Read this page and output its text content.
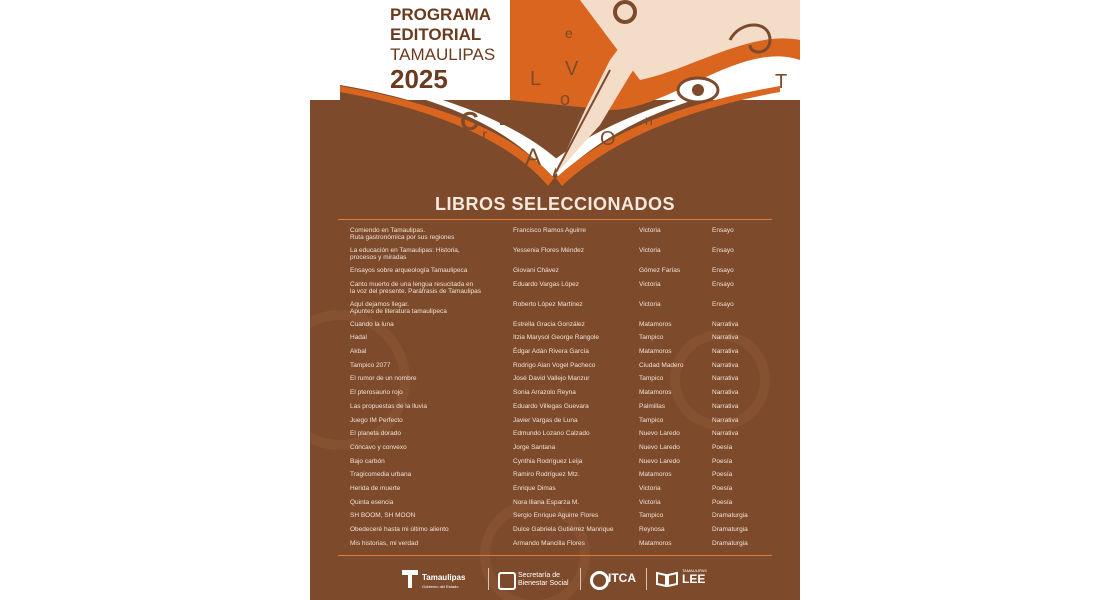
C r
D s
A
o
V
L
e
O
n
T
PROGRAMA
EDITORIAL
TAMAULIPAS
2025
LIBROS SELECCIONADOS
Comiendo en Tamaulipas.
Ruta gastronómica por sus regiones
Francisco Ramos Aguirre	Victoria	Ensayo
La educación en Tamaulipas: Historia,
procesos y miradas
Yessenia Flores Méndez	Victoria	Ensayo
Ensayos sobre arqueología Tamaulipeca	Giovani Chávez	Gómez Farías	Ensayo
Canto muerto de una lengua resucitada en
la voz del presente. Paráfrasis de Tamaulipas
Eduardo Vargas López	Victoria	Ensayo
Aquí dejamos llegar.
Apuntes de literatura tamaulipeca
Roberto López Martínez	Victoria	Ensayo
Cuando la luna	Estrella Gracia González	Matamoros	Narrativa
Hadal	Itzia Marysol George Rangole	Tampico	Narrativa
Akbal	Édgar Adán Rivera García	Matamoros	Narrativa
Tampico 2077	Rodrigo Alan Vogel Pacheco	Ciudad Madero	Narrativa
El rumor de un nombre	José David Vallejo Manzur	Tampico	Narrativa
El pterosaurio rojo	Sonia Arrazolo Reyna	Matamoros	Narrativa
Las propuestas de la lluvia	Eduardo Villegas Guevara	Palmillas	Narrativa
Juego IM Perfecto	Javier Vargas de Luna	Tampico	Narrativa
El planeta dorado	Edmundo Lozano Calzado	Nuevo Laredo	Narrativa
Cóncavo y convexo	Jorge Santana	Nuevo Laredo	Poesía
Bajo carbón	Cynthia Rodríguez Leija	Nuevo Laredo	Poesía
Tragicomedia urbana	Ramiro Rodríguez Mtz.	Matamoros	Poesía
Herida de muerte	Enrique Dimas	Victoria	Poesía
Quinta esencia	Nora Iliana Esparza M.	Victoria	Poesía
SH BOOM, SH MOON	Sergio Enrique Aguirre Flores	Tampico	Dramaturgia
Obedeceré hasta mi último aliento	Dulce Gabriela Gutiérrez Manrique	Reynosa	Dramaturgia
Mis historias, mi verdad	Armando Mancilla Flores	Matamoros	Dramaturgia
Tamaulipas
Gobierno del Estado
Secretaría de
Bienestar Social	ITCA
TAMAULIPAS
LEE
